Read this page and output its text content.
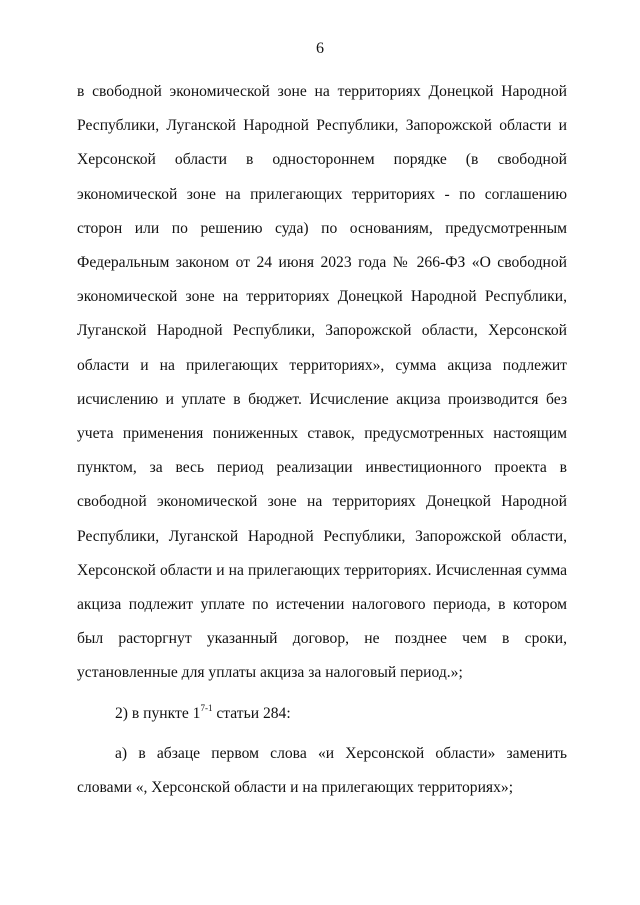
6

в свободной экономической зоне на территориях Донецкой Народной Республики, Луганской Народной Республики, Запорожской области и Херсонской области в одностороннем порядке (в свободной экономической зоне на прилегающих территориях - по соглашению сторон или по решению суда) по основаниям, предусмотренным Федеральным законом от 24 июня 2023 года № 266-ФЗ «О свободной экономической зоне на территориях Донецкой Народной Республики, Луганской Народной Республики, Запорожской области, Херсонской области и на прилегающих территориях», сумма акциза подлежит исчислению и уплате в бюджет. Исчисление акциза производится без учета применения пониженных ставок, предусмотренных настоящим пунктом, за весь период реализации инвестиционного проекта в свободной экономической зоне на территориях Донецкой Народной Республики, Луганской Народной Республики, Запорожской области, Херсонской области и на прилегающих территориях. Исчисленная сумма акциза подлежит уплате по истечении налогового периода, в котором был расторгнут указанный договор, не позднее чем в сроки, установленные для уплаты акциза за налоговый период.»;

2) в пункте 1$^{7-1}$ статьи 284:

а) в абзаце первом слова «и Херсонской области» заменить словами «, Херсонской области и на прилегающих территориях»;
